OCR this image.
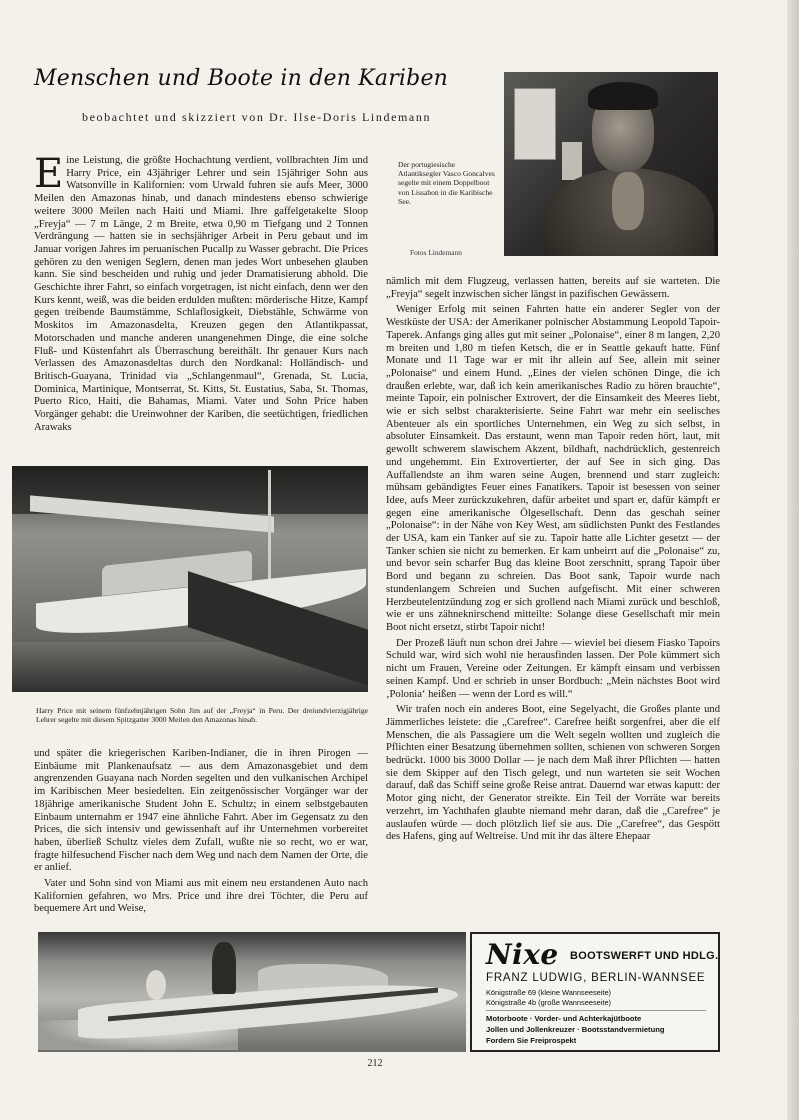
Menschen und Boote in den Kariben
beobachtet und skizziert von Dr. Ilse-Doris Lindemann
Der portugiesische Atlantiksegler Vasco Goncalves segelte mit einem Doppelboot von Lissabon in die Karibische See.
Fotos Lindemann

Eine Leistung, die größte Hochachtung verdient, vollbrachten Jim und Harry Price, ein 43jähriger Lehrer und sein 15jähriger Sohn aus Watsonville in Kalifornien: vom Urwald fuhren sie aufs Meer, 3000 Meilen den Amazonas hinab, und danach mindestens ebenso schwierige weitere 3000 Meilen nach Haiti und Miami. Ihre gaffelgetakelte Sloop „Freyja“ — 7 m Länge, 2 m Breite, etwa 0,90 m Tiefgang und 2 Tonnen Verdrängung — hatten sie in sechsjähriger Arbeit in Peru gebaut und im Januar vorigen Jahres im peruanischen Pucallp zu Wasser gebracht. Die Prices gehören zu den wenigen Seglern, denen man jedes Wort unbesehen glauben kann. Sie sind bescheiden und ruhig und jeder Dramatisierung abhold. Die Geschichte ihrer Fahrt, so einfach vorgetragen, ist nicht einfach, denn wer den Kurs kennt, weiß, was die beiden erdulden mußten: mörderische Hitze, Kampf gegen treibende Baumstämme, Schlaflosigkeit, Diebstähle, Schwärme von Moskitos im Amazonasdelta, Kreuzen gegen den Atlantikpassat, Motorschaden und manche anderen unangenehmen Dinge, die eine solche Fluß- und Küstenfahrt als Überraschung bereithält. Ihr genauer Kurs nach Verlassen des Amazonasdeltas durch den Nordkanal: Holländisch- und Britisch-Guayana, Trinidad via „Schlangenmaul“, Grenada, St. Lucia, Dominica, Martinique, Montserrat, St. Kitts, St. Eustatius, Saba, St. Thomas, Puerto Rico, Haiti, die Bahamas, Miami. Vater und Sohn Price haben Vorgänger gehabt: die Ureinwohner der Kariben, die seetüchtigen, friedlichen Arawaks

Harry Price mit seinem fünfzehnjährigen Sohn Jim auf der „Freyja“ in Peru. Der dreiundvierzigjährige Lehrer segelte mit diesem Spitzgatter 3000 Meilen den Amazonas hinab.

und später die kriegerischen Kariben-Indianer, die in ihren Pirogen — Einbäume mit Plankenaufsatz — aus dem Amazonasgebiet und dem angrenzenden Guayana nach Norden segelten und den vulkanischen Archipel im Karibischen Meer besiedelten. Ein zeitgenössischer Vorgänger war der 18jährige amerikanische Student John E. Schultz; in einem selbstgebauten Einbaum unternahm er 1947 eine ähnliche Fahrt. Aber im Gegensatz zu den Prices, die sich intensiv und gewissenhaft auf ihr Unternehmen vorbereitet haben, überließ Schultz vieles dem Zufall, wußte nie so recht, wo er war, fragte hilfesuchend Fischer nach dem Weg und nach dem Namen der Orte, die er anlief.

Vater und Sohn sind von Miami aus mit einem neu erstandenen Auto nach Kalifornien gefahren, wo Mrs. Price und ihre drei Töchter, die Peru auf bequemere Art und Weise,

nämlich mit dem Flugzeug, verlassen hatten, bereits auf sie warteten. Die „Freyja“ segelt inzwischen sicher längst in pazifischen Gewässern.

Weniger Erfolg mit seinen Fahrten hatte ein anderer Segler von der Westküste der USA: der Amerikaner polnischer Abstammung Leopold Tapoir-Taperek. Anfangs ging alles gut mit seiner „Polonaise“, einer 8 m langen, 2,20 m breiten und 1,80 m tiefen Ketsch, die er in Seattle gekauft hatte. Fünf Monate und 11 Tage war er mit ihr allein auf See, allein mit seiner „Polonaise“ und einem Hund. „Eines der vielen schönen Dinge, die ich draußen erlebte, war, daß ich kein amerikanisches Radio zu hören brauchte“, meinte Tapoir, ein polnischer Extrovert, der die Einsamkeit des Meeres liebt, wie er sich selbst charakterisierte. Seine Fahrt war mehr ein seelisches Abenteuer als ein sportliches Unternehmen, ein Weg zu sich selbst, in absoluter Einsamkeit. Das erstaunt, wenn man Tapoir reden hört, laut, mit gewollt schwerem slawischem Akzent, bildhaft, nachdrücklich, gestenreich und ungehemmt. Ein Extrovertierter, der auf See in sich ging. Das Auffallendste an ihm waren seine Augen, brennend und starr zugleich: mühsam gebändigtes Feuer eines Fanatikers. Tapoir ist besessen von seiner Idee, aufs Meer zurückzukehren, dafür arbeitet und spart er, dafür kämpft er gegen eine amerikanische Ölgesellschaft. Denn das geschah seiner „Polonaise“: in der Nähe von Key West, am südlichsten Punkt des Festlandes der USA, kam ein Tanker auf sie zu. Tapoir hatte alle Lichter gesetzt — der Tanker schien sie nicht zu bemerken. Er kam unbeirrt auf die „Polonaise“ zu, und bevor sein scharfer Bug das kleine Boot zerschnitt, sprang Tapoir über Bord und begann zu schreien. Das Boot sank, Tapoir wurde nach stundenlangem Schreien und Suchen aufgefischt. Mit einer schweren Herzbeutelentzündung zog er sich grollend nach Miami zurück und beschloß, wie er uns zähneknirschend mitteilte: Solange diese Gesellschaft mir mein Boot nicht ersetzt, stirbt Tapoir nicht!

Der Prozeß läuft nun schon drei Jahre — wieviel bei diesem Fiasko Tapoirs Schuld war, wird sich wohl nie herausfinden lassen. Der Pole kümmert sich nicht um Frauen, Vereine oder Zeitungen. Er kämpft einsam und verbissen seinen Kampf. Und er schrieb in unser Bordbuch: „Mein nächstes Boot wird ‚Polonia‘ heißen — wenn der Lord es will.“

Wir trafen noch ein anderes Boot, eine Segelyacht, die Großes plante und Jämmerliches leistete: die „Carefree“. Carefree heißt sorgenfrei, aber die elf Menschen, die als Passagiere um die Welt segeln wollten und zugleich die Pflichten einer Besatzung übernehmen sollten, schienen von schweren Sorgen bedrückt. 1000 bis 3000 Dollar — je nach dem Maß ihrer Pflichten — hatten sie dem Skipper auf den Tisch gelegt, und nun warteten sie seit Wochen darauf, daß das Schiff seine große Reise antrat. Dauernd war etwas kaputt: der Motor ging nicht, der Generator streikte. Ein Teil der Vorräte war bereits verzehrt, im Yachthafen glaubte niemand mehr daran, daß die „Carefree“ je auslaufen würde — doch plötzlich lief sie aus. Die „Carefree“, das Gespött des Hafens, ging auf Weltreise. Und mit ihr das ältere Ehepaar

Nixe BOOTSWERFT UND HDLG.
FRANZ LUDWIG, BERLIN-WANNSEE
Königstraße 69 (kleine Wannseeseite)
Königstraße 4b (große Wannseeseite)
Motorboote · Vorder- und Achterkajütboote
Jollen und Jollenkreuzer · Bootsstandvermietung
Fordern Sie Freiprospekt
212
